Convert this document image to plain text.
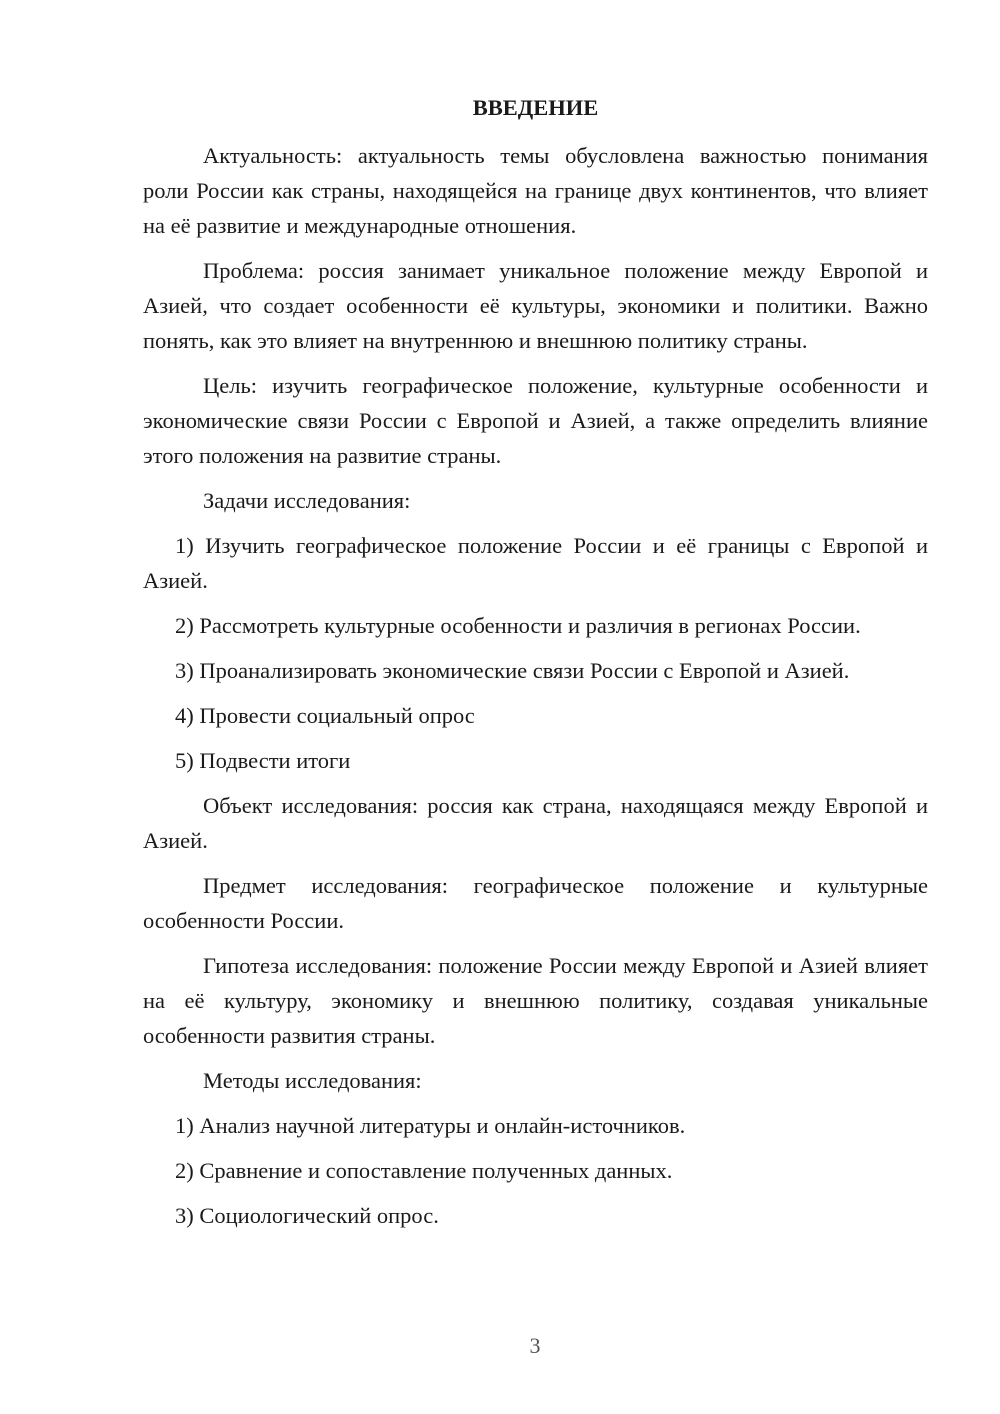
ВВЕДЕНИЕ

Актуальность: актуальность темы обусловлена важностью понимания роли России как страны, находящейся на границе двух континентов, что влияет на её развитие и международные отношения.

Проблема: россия занимает уникальное положение между Европой и Азией, что создает особенности её культуры, экономики и политики. Важно понять, как это влияет на внутреннюю и внешнюю политику страны.

Цель: изучить географическое положение, культурные особенности и экономические связи России с Европой и Азией, а также определить влияние этого положения на развитие страны.

Задачи исследования:

1) Изучить географическое положение России и её границы с Европой и Азией.

2) Рассмотреть культурные особенности и различия в регионах России.

3) Проанализировать экономические связи России с Европой и Азией.

4) Провести социальный опрос

5) Подвести итоги

Объект исследования: россия как страна, находящаяся между Европой и Азией.

Предмет исследования: географическое положение и культурные особенности России.

Гипотеза исследования: положение России между Европой и Азией влияет на её культуру, экономику и внешнюю политику, создавая уникальные особенности развития страны.

Методы исследования:

1) Анализ научной литературы и онлайн-источников.

2) Сравнение и сопоставление полученных данных.

3) Социологический опрос.

3
